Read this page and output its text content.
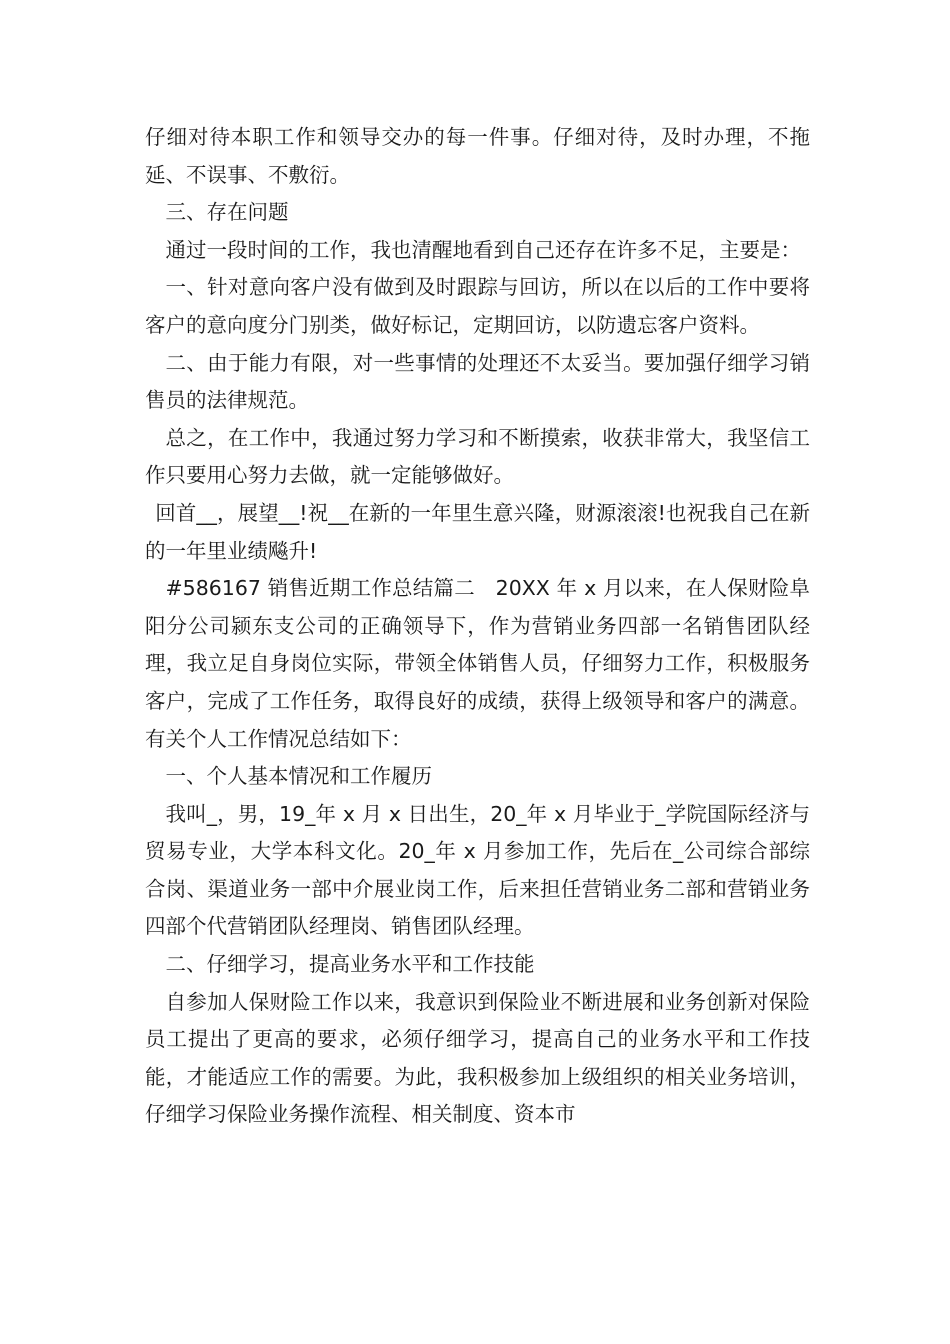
仔细对待本职工作和领导交办的每一件事。仔细对待，及时办理，不拖延、不误事、不敷衍。

三、存在问题

通过一段时间的工作，我也清醒地看到自己还存在许多不足，主要是：

一、针对意向客户没有做到及时跟踪与回访，所以在以后的工作中要将客户的意向度分门别类，做好标记，定期回访，以防遗忘客户资料。

二、由于能力有限，对一些事情的处理还不太妥当。要加强仔细学习销售员的法律规范。

总之，在工作中，我通过努力学习和不断摸索，收获非常大，我坚信工作只要用心努力去做，就一定能够做好。

回首__，展望__!祝__在新的一年里生意兴隆，财源滚滚!也祝我自己在新的一年里业绩飚升!

#586167 销售近期工作总结篇二　20XX 年 x 月以来，在人保财险阜阳分公司颍东支公司的正确领导下，作为营销业务四部一名销售团队经理，我立足自身岗位实际，带领全体销售人员，仔细努力工作，积极服务客户，完成了工作任务，取得良好的成绩，获得上级领导和客户的满意。有关个人工作情况总结如下：

一、个人基本情况和工作履历

我叫_，男，19_年 x 月 x 日出生，20_年 x 月毕业于_学院国际经济与贸易专业，大学本科文化。20_年 x 月参加工作，先后在_公司综合部综合岗、渠道业务一部中介展业岗工作，后来担任营销业务二部和营销业务四部个代营销团队经理岗、销售团队经理。

二、仔细学习，提高业务水平和工作技能

自参加人保财险工作以来，我意识到保险业不断进展和业务创新对保险员工提出了更高的要求，必须仔细学习，提高自己的业务水平和工作技能，才能适应工作的需要。为此，我积极参加上级组织的相关业务培训，仔细学习保险业务操作流程、相关制度、资本市
